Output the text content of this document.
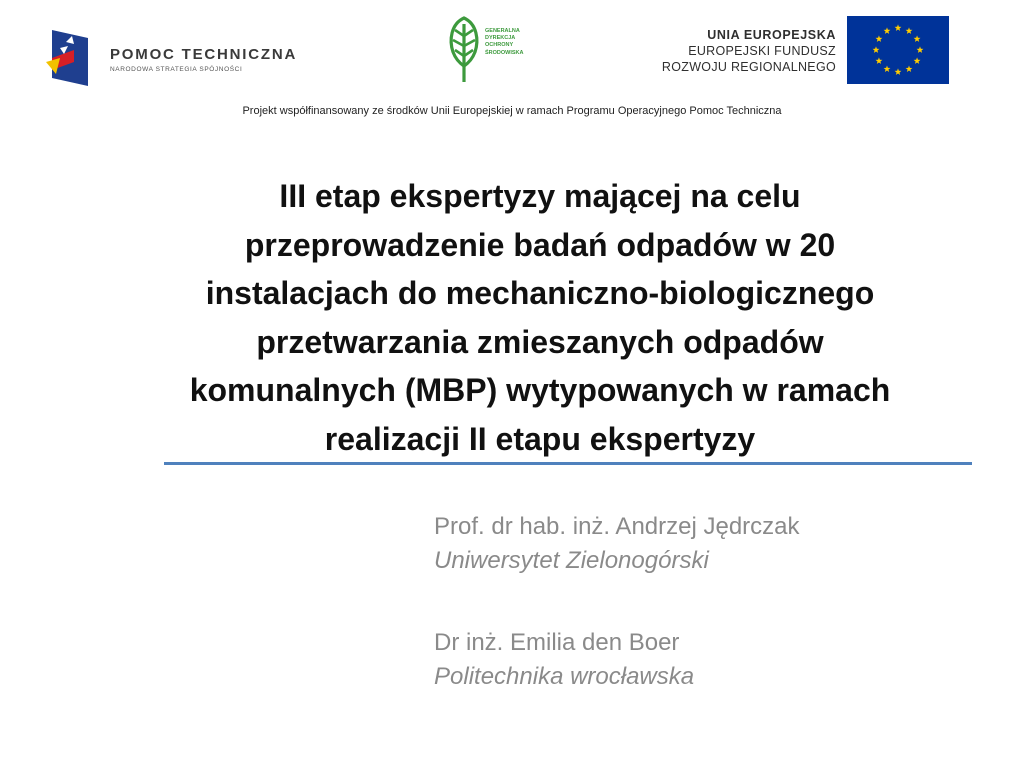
POMOC TECHNICZNA
NARODOWA STRATEGIA SPÓJNOŚCI
GENERALNA
DYREKCJA
OCHRONY
ŚRODOWISKA
UNIA EUROPEJSKA
EUROPEJSKI FUNDUSZ
ROZWOJU REGIONALNEGO
Projekt współfinansowany ze środków Unii Europejskiej w ramach Programu Operacyjnego Pomoc Techniczna
III etap ekspertyzy mającej na celu przeprowadzenie badań odpadów w 20 instalacjach do mechaniczno-biologicznego przetwarzania zmieszanych odpadów komunalnych (MBP) wytypowanych w ramach realizacji II etapu ekspertyzy
Prof. dr hab. inż. Andrzej Jędrczak
Uniwersytet Zielonogórski
Dr inż. Emilia den Boer
Politechnika wrocławska
